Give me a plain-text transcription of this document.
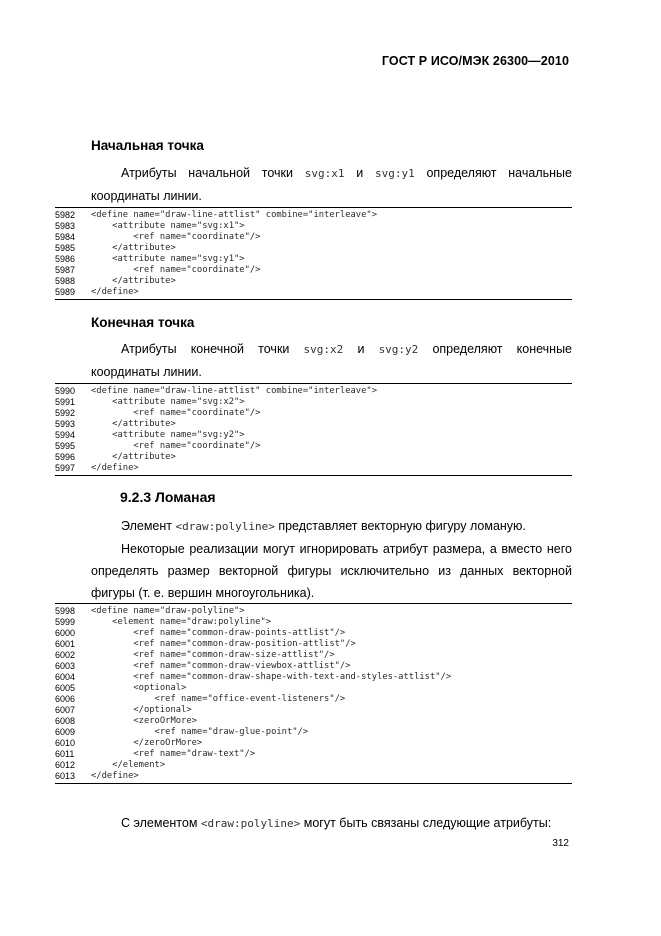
ГОСТ Р ИСО/МЭК 26300—2010
Начальная точка
Атрибуты начальной точки svg:x1 и svg:y1 определяют начальные
координаты линии.
5982	<define name="draw-line-attlist" combine="interleave">
5983	<attribute name="svg:x1">
5984	<ref name="coordinate"/>
5985	</attribute>
5986	<attribute name="svg:y1">
5987	<ref name="coordinate"/>
5988	</attribute>
5989	</define>
Конечная точка
Атрибуты конечной точки svg:x2 и svg:y2 определяют конечные
координаты линии.
5990	<define name="draw-line-attlist" combine="interleave">
5991	<attribute name="svg:x2">
5992	<ref name="coordinate"/>
5993	</attribute>
5994	<attribute name="svg:y2">
5995	<ref name="coordinate"/>
5996	</attribute>
5997	</define>
9.2.3 Ломаная
Элемент <draw:polyline> представляет векторную фигуру ломаную.
Некоторые реализации могут игнорировать атрибут размера, а вместо него
определять размер векторной фигуры исключительно из данных векторной
фигуры (т. е. вершин многоугольника).
5998	<define name="draw-polyline">
5999	<element name="draw:polyline">
6000	<ref name="common-draw-points-attlist"/>
6001	<ref name="common-draw-position-attlist"/>
6002	<ref name="common-draw-size-attlist"/>
6003	<ref name="common-draw-viewbox-attlist"/>
6004	<ref name="common-draw-shape-with-text-and-styles-attlist"/>
6005	<optional>
6006	<ref name="office-event-listeners"/>
6007	</optional>
6008	<zeroOrMore>
6009	<ref name="draw-glue-point"/>
6010	</zeroOrMore>
6011	<ref name="draw-text"/>
6012	</element>
6013	</define>
С элементом <draw:polyline> могут быть связаны следующие атрибуты:
312
